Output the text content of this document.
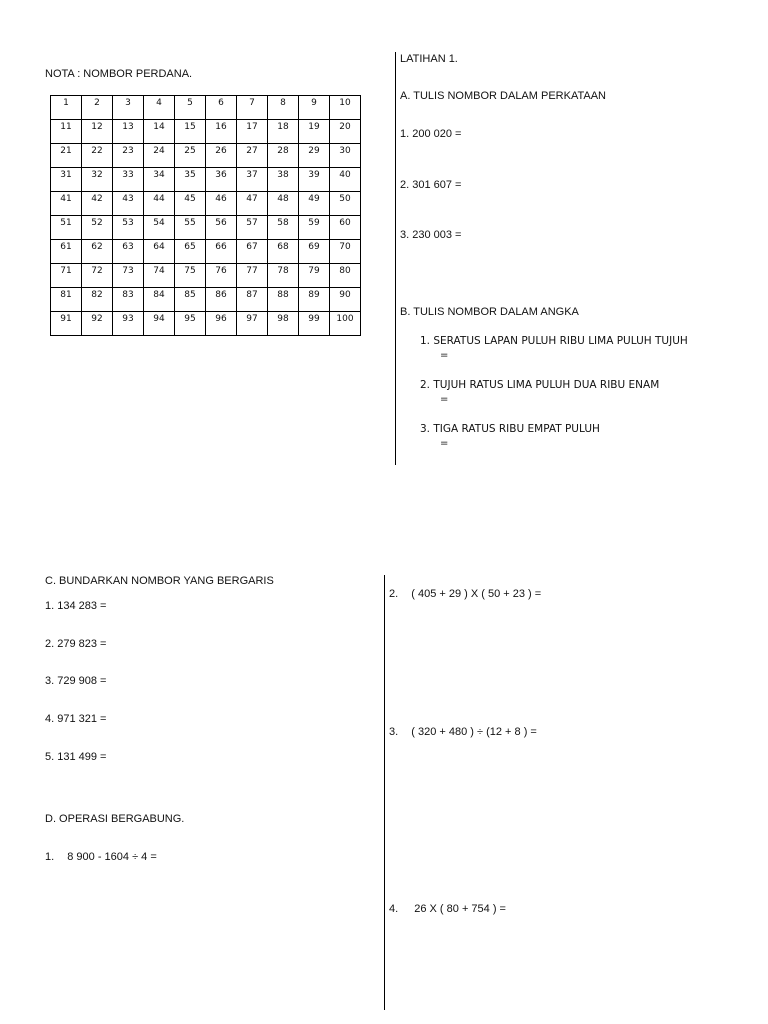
NOTA : NOMBOR PERDANA.
1	2	3	4	5	6	7	8	9	10
11	12	13	14	15	16	17	18	19	20
21	22	23	24	25	26	27	28	29	30
31	32	33	34	35	36	37	38	39	40
41	42	43	44	45	46	47	48	49	50
51	52	53	54	55	56	57	58	59	60
61	62	63	64	65	66	67	68	69	70
71	72	73	74	75	76	77	78	79	80
81	82	83	84	85	86	87	88	89	90
91	92	93	94	95	96	97	98	99	100
LATIHAN 1.
A. TULIS NOMBOR DALAM PERKATAAN
1. 200 020 =
2. 301 607 =
3. 230 003 =
B. TULIS NOMBOR DALAM ANGKA
1. SERATUS LAPAN PULUH RIBU LIMA PULUH TUJUH
=
2. TUJUH RATUS LIMA PULUH DUA RIBU ENAM
=
3. TIGA RATUS RIBU EMPAT PULUH
=
C. BUNDARKAN NOMBOR YANG BERGARIS
1. 134 283 =
2. 279 823 =
3. 729 908 =
4. 971 321 =
5. 131 499 =
D. OPERASI BERGABUNG.
1. 8 900 - 1604 ÷ 4 =
2. ( 405 + 29 ) X ( 50 + 23 ) =
3. ( 320 + 480 ) ÷ (12 + 8 ) =
4. 26 X ( 80 + 754 ) =
